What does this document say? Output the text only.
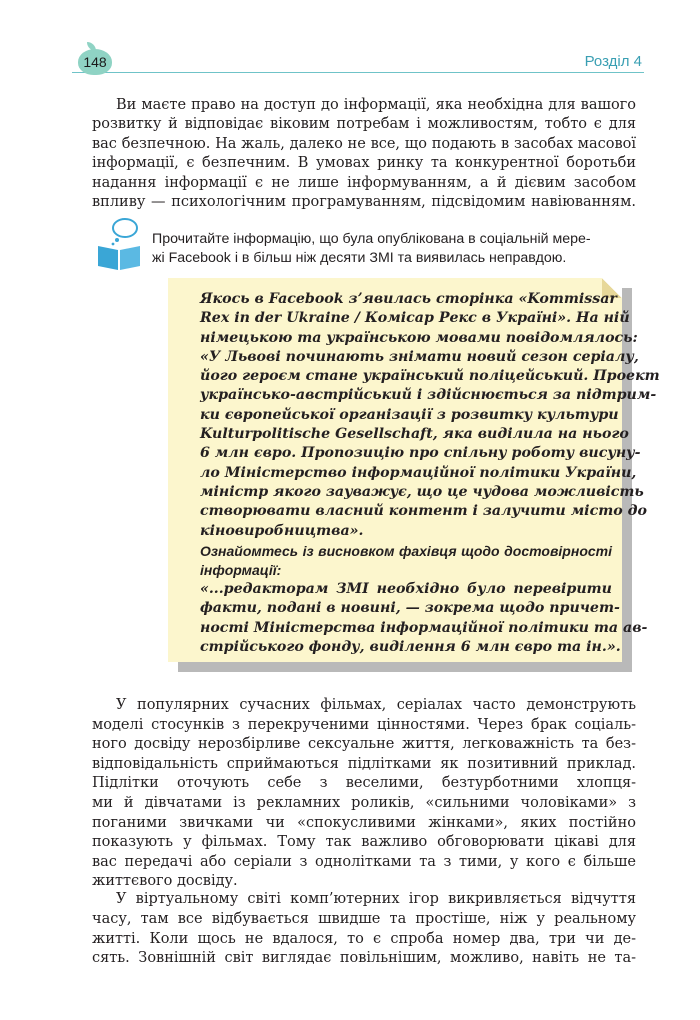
148	Розділ 4
Ви маєте право на доступ до інформації, яка необхідна для вашого
розвитку й відповідає віковим потребам і можливостям, тобто є для
вас безпечною. На жаль, далеко не все, що подають в засобах масової
інформації, є безпечним. В умовах ринку та конкурентної боротьби
надання інформації є не лише інформуванням, а й дієвим засобом
впливу — психологічним програмуванням, підсвідомим навіюванням.
Прочитайте інформацію, що була опублікована в соціальній мере-
жі Facebook і в більш ніж десяти ЗМІ та виявилась неправдою.
Якось в Facebook з’явилась сторінка «Kommissar
Rex in der Ukraine / Комісар Рекс в Україні». На ній
німецькою та українською мовами повідомлялось:
«У Львові починають знімати новий сезон серіалу,
його героєм стане український поліцейський. Проект
українсько-австрійський і здійснюється за підтрим-
ки європейської організації з розвитку культури
Kulturpolitische Gesellschaft, яка виділила на нього
6 млн євро. Пропозицію про спільну роботу висуну-
ло Міністерство інформаційної політики України,
міністр якого зауважує, що це чудова можливість
створювати власний контент і залучити місто до
кіновиробництва».
Ознайомтесь із висновком фахівця щодо достовірності
інформації:
«...редакторам ЗМІ необхідно було перевірити
факти, подані в новині, — зокрема щодо причет-
ності Міністерства інформаційної політики та ав-
стрійського фонду, виділення 6 млн євро та ін.».
У популярних сучасних фільмах, серіалах часто демонструють
моделі стосунків з перекрученими цінностями. Через брак соціаль-
ного досвіду нерозбірливе сексуальне життя, легковажність та без-
відповідальність сприймаються підлітками як позитивний приклад.
Підлітки оточують себе з веселими, безтурботними хлопця-
ми й дівчатами із рекламних роликів, «сильними чоловіками» з
поганими звичками чи «спокусливими жінками», яких постійно
показують у фільмах. Тому так важливо обговорювати цікаві для
вас передачі або серіали з однолітками та з тими, у кого є більше
життєвого досвіду.
У віртуальному світі комп’ютерних ігор викривляється відчуття
часу, там все відбувається швидше та простіше, ніж у реальному
житті. Коли щось не вдалося, то є спроба номер два, три чи де-
сять. Зовнішній світ виглядає повільнішим, можливо, навіть не та-
